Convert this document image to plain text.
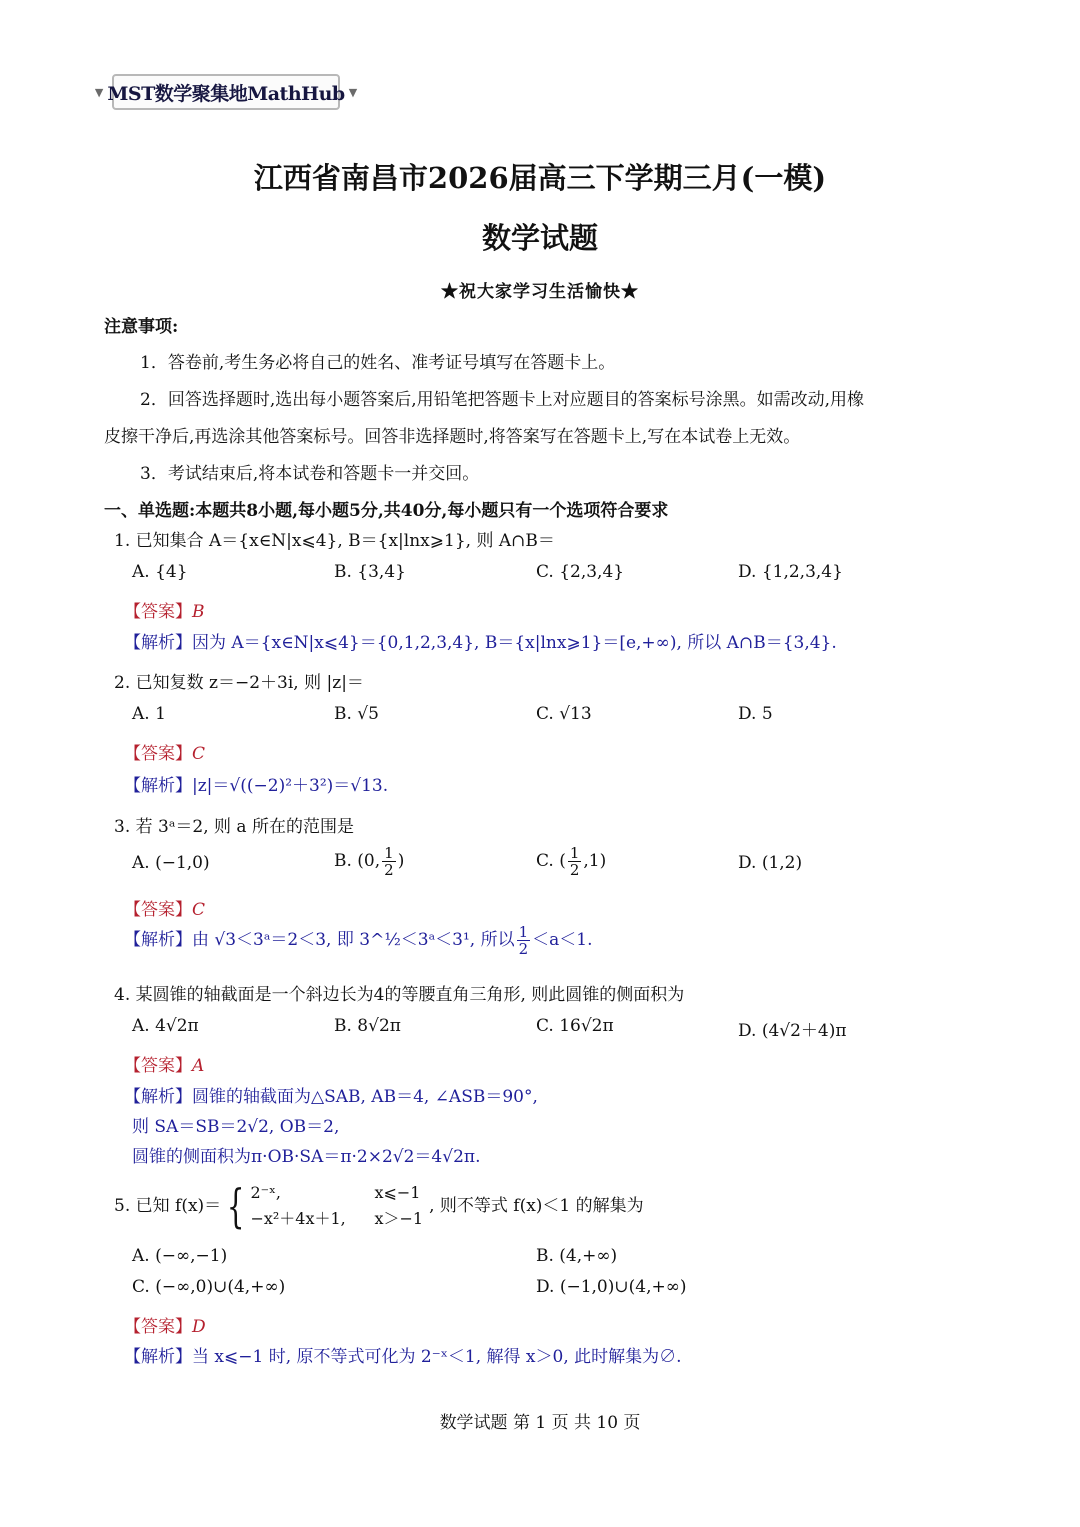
▼ MST数学聚集地MathHub ▼
江西省南昌市2026届高三下学期三月(一模)
数学试题
★祝大家学习生活愉快★
注意事项:
1．答卷前,考生务必将自己的姓名、准考证号填写在答题卡上。
2．回答选择题时,选出每小题答案后,用铅笔把答题卡上对应题目的答案标号涂黑。如需改动,用橡
皮擦干净后,再选涂其他答案标号。回答非选择题时,将答案写在答题卡上,写在本试卷上无效。
3．考试结束后,将本试卷和答题卡一并交回。
一、单选题:本题共8小题,每小题5分,共40分,每小题只有一个选项符合要求
1. 已知集合 A＝{x∈N|x⩽4}, B＝{x|lnx⩾1}, 则 A∩B＝
A. {4}	B. {3,4}	C. {2,3,4}	D. {1,2,3,4}
【答案】B
【解析】因为 A＝{x∈N|x⩽4}＝{0,1,2,3,4}, B＝{x|lnx⩾1}＝[e,+∞), 所以 A∩B＝{3,4}.
2. 已知复数 z＝−2＋3i, 则 |z|＝
A. 1	B. √5	C. √13	D. 5
【答案】C
【解析】|z|＝√((−2)²＋3²)＝√13.
3. 若 3ᵃ＝2, 则 a 所在的范围是
A. (−1,0)	B. (0, $\frac{1}{2}$ )	C. ( $\frac{1}{2} ,1$)	D. (1,2)
【答案】C
【解析】由 √3＜3ᵃ＝2＜3, 即 3^½＜3ᵃ＜3¹, 所以 $\frac{1}{2} <a<1$.
4. 某圆锥的轴截面是一个斜边长为4的等腰直角三角形, 则此圆锥的侧面积为
A. 4√2π	B. 8√2π	C. 16√2π	D. (4√2＋4)π
【答案】A
【解析】圆锥的轴截面为△SAB, AB＝4, ∠ASB＝90°,
则 SA＝SB＝2√2, OB＝2,
圆锥的侧面积为π·OB·SA＝π·2×2√2＝4√2π.
5. 已知 f(x)＝ { 2⁻ˣ,	x⩽−1
−x²＋4x＋1,	x＞−1, 则不等式 f(x)＜1 的解集为
A. (−∞,−1)	B. (4,+∞)
C. (−∞,0)∪(4,+∞)	D. (−1,0)∪(4,+∞)
【答案】D
【解析】当 x⩽−1 时, 原不等式可化为 2⁻ˣ＜1, 解得 x＞0, 此时解集为∅.
数学试题 第 1 页 共 10 页
